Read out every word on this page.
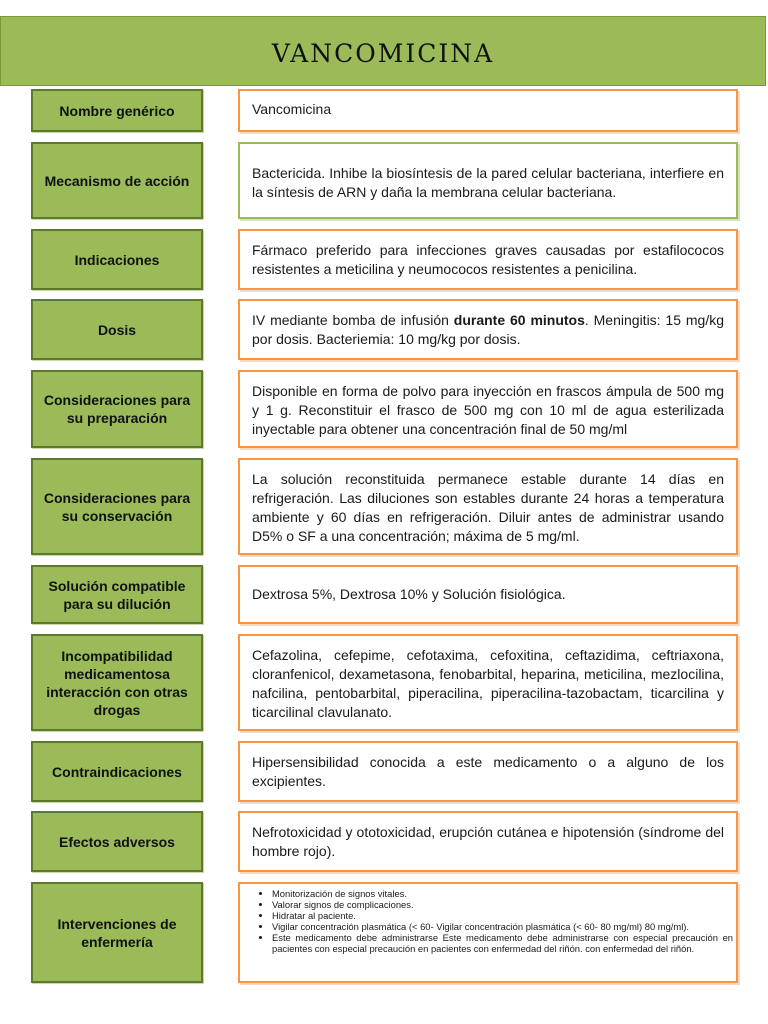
VANCOMICINA
Nombre genérico	Vancomicina
Mecanismo de acción	Bactericida. Inhibe la biosíntesis de la pared celular bacteriana, interfiere en la síntesis de ARN y daña la membrana celular bacteriana.
Indicaciones
Fármaco preferido para infecciones graves causadas por estafilococos resistentes a meticilina y neumococos resistentes a penicilina.
Dosis
IV mediante bomba de infusión durante 60 minutos. Meningitis: 15 mg/kg por dosis. Bacteriemia: 10 mg/kg por dosis.
Consideraciones para
su preparación
Disponible en forma de polvo para inyección en frascos ámpula de 500 mg y 1 g. Reconstituir el frasco de 500 mg con 10 ml de agua esterilizada inyectable para obtener una concentración final de 50 mg/ml
Consideraciones para
su conservación
La solución reconstituida permanece estable durante 14 días en refrigeración. Las diluciones son estables durante 24 horas a temperatura ambiente y 60 días en refrigeración. Diluir antes de administrar usando D5% o SF a una concentración; máxima de 5 mg/ml.
Solución compatible
para su dilución
Dextrosa 5%, Dextrosa 10% y Solución fisiológica.
Incompatibilidad
medicamentosa
interacción con otras
drogas
Cefazolina, cefepime, cefotaxima, cefoxitina, ceftazidima, ceftriaxona, cloranfenicol, dexametasona, fenobarbital, heparina, meticilina, mezlocilina, nafcilina, pentobarbital, piperacilina, piperacilina-tazobactam, ticarcilina y ticarcilinal clavulanato.
Contraindicaciones
Hipersensibilidad conocida a este medicamento o a alguno de los excipientes.
Efectos adversos
Nefrotoxicidad y ototoxicidad, erupción cutánea e hipotensión (síndrome del hombre rojo).
Intervenciones de
enfermería
• Monitorización de signos vitales.
• Valorar signos de complicaciones.
• Hidratar al paciente.
• Vigilar concentración plasmática (< 60- Vigilar concentración plasmática (< 60- 80 mg/ml) 80 mg/ml).
• Este medicamento debe administrarse Este medicamento debe administrarse con especial precaución en pacientes con especial precaución en pacientes con enfermedad del riñón. con enfermedad del riñón.
